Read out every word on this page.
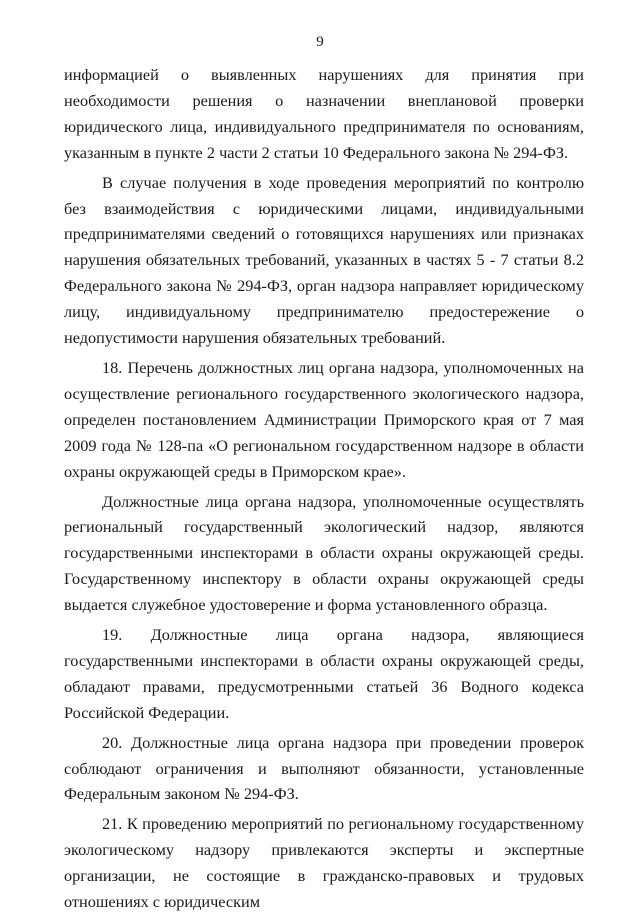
9

информацией о выявленных нарушениях для принятия при необходимости решения о назначении внеплановой проверки юридического лица, индивидуального предпринимателя по основаниям, указанным в пункте 2 части 2 статьи 10 Федерального закона № 294-ФЗ.

В случае получения в ходе проведения мероприятий по контролю без взаимодействия с юридическими лицами, индивидуальными предпринимателями сведений о готовящихся нарушениях или признаках нарушения обязательных требований, указанных в частях 5 - 7 статьи 8.2 Федерального закона № 294-ФЗ, орган надзора направляет юридическому лицу, индивидуальному предпринимателю предостережение о недопустимости нарушения обязательных требований.

18. Перечень должностных лиц органа надзора, уполномоченных на осуществление регионального государственного экологического надзора, определен постановлением Администрации Приморского края от 7 мая 2009 года № 128-па «О региональном государственном надзоре в области охраны окружающей среды в Приморском крае».

Должностные лица органа надзора, уполномоченные осуществлять региональный государственный экологический надзор, являются государственными инспекторами в области охраны окружающей среды. Государственному инспектору в области охраны окружающей среды выдается служебное удостоверение и форма установленного образца.

19. Должностные лица органа надзора, являющиеся государственными инспекторами в области охраны окружающей среды, обладают правами, предусмотренными статьей 36 Водного кодекса Российской Федерации.

20. Должностные лица органа надзора при проведении проверок соблюдают ограничения и выполняют обязанности, установленные Федеральным законом № 294-ФЗ.

21. К проведению мероприятий по региональному государственному экологическому надзору привлекаются эксперты и экспертные организации, не состоящие в гражданско-правовых и трудовых отношениях с юридическим
